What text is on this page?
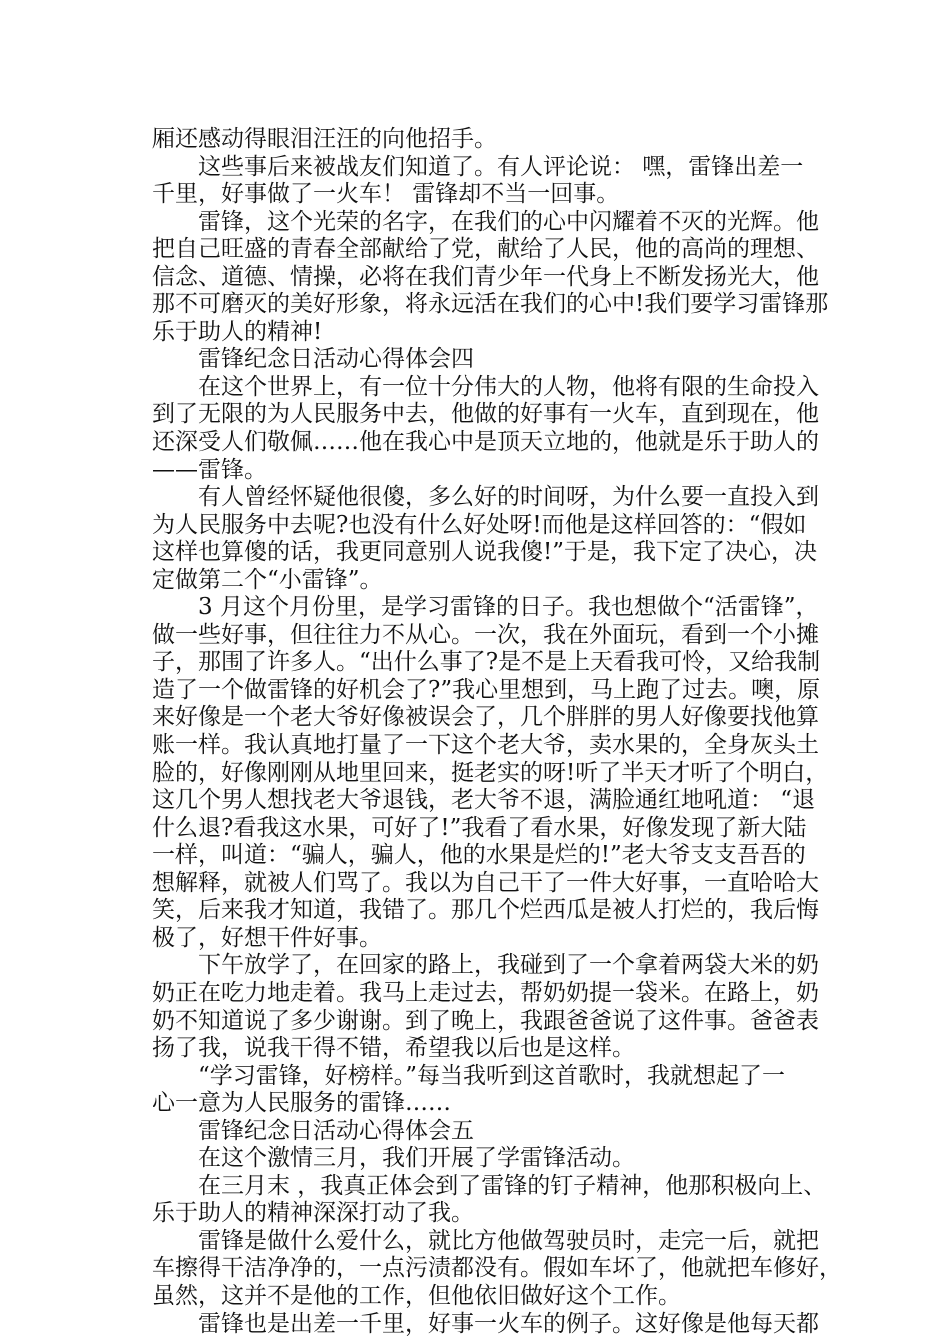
厢还感动得眼泪汪汪的向他招手。
这些事后来被战友们知道了。有人评论说： 嘿，雷锋出差一
千里，好事做了一火车！ 雷锋却不当一回事。
雷锋，这个光荣的名字，在我们的心中闪耀着不灭的光辉。他
把自己旺盛的青春全部献给了党，献给了人民，他的高尚的理想、
信念、道德、情操，必将在我们青少年一代身上不断发扬光大，他
那不可磨灭的美好形象，将永远活在我们的心中!我们要学习雷锋那
乐于助人的精神!
雷锋纪念日活动心得体会四
在这个世界上，有一位十分伟大的人物，他将有限的生命投入
到了无限的为人民服务中去，他做的好事有一火车，直到现在，他
还深受人们敬佩……他在我心中是顶天立地的，他就是乐于助人的
——雷锋。
有人曾经怀疑他很傻，多么好的时间呀，为什么要一直投入到
为人民服务中去呢?也没有什么好处呀!而他是这样回答的：“假如
这样也算傻的话，我更同意别人说我傻!”于是，我下定了决心，决
定做第二个“小雷锋”。
3 月这个月份里，是学习雷锋的日子。我也想做个“活雷锋”，
做一些好事，但往往力不从心。一次，我在外面玩，看到一个小摊
子，那围了许多人。“出什么事了?是不是上天看我可怜，又给我制
造了一个做雷锋的好机会了?”我心里想到，马上跑了过去。噢，原
来好像是一个老大爷好像被误会了，几个胖胖的男人好像要找他算
账一样。我认真地打量了一下这个老大爷，卖水果的，全身灰头土
脸的，好像刚刚从地里回来，挺老实的呀!听了半天才听了个明白，
这几个男人想找老大爷退钱，老大爷不退，满脸通红地吼道： “退
什么退?看我这水果，可好了!”我看了看水果，好像发现了新大陆
一样，叫道：“骗人，骗人，他的水果是烂的!”老大爷支支吾吾的
想解释，就被人们骂了。我以为自己干了一件大好事，一直哈哈大
笑，后来我才知道，我错了。那几个烂西瓜是被人打烂的，我后悔
极了，好想干件好事。
下午放学了，在回家的路上，我碰到了一个拿着两袋大米的奶
奶正在吃力地走着。我马上走过去，帮奶奶提一袋米。在路上，奶
奶不知道说了多少谢谢。到了晚上，我跟爸爸说了这件事。爸爸表
扬了我，说我干得不错，希望我以后也是这样。
“学习雷锋，好榜样。”每当我听到这首歌时，我就想起了一
心一意为人民服务的雷锋……
雷锋纪念日活动心得体会五
在这个激情三月，我们开展了学雷锋活动。
在三月末 ，我真正体会到了雷锋的钉子精神，他那积极向上、
乐于助人的精神深深打动了我。
雷锋是做什么爱什么，就比方他做驾驶员时，走完一后，就把
车擦得干洁净净的，一点污渍都没有。假如车坏了，他就把车修好，
虽然，这并不是他的工作，但他依旧做好这个工作。
雷锋也是出差一千里，好事一火车的例子。这好像是他每天都
